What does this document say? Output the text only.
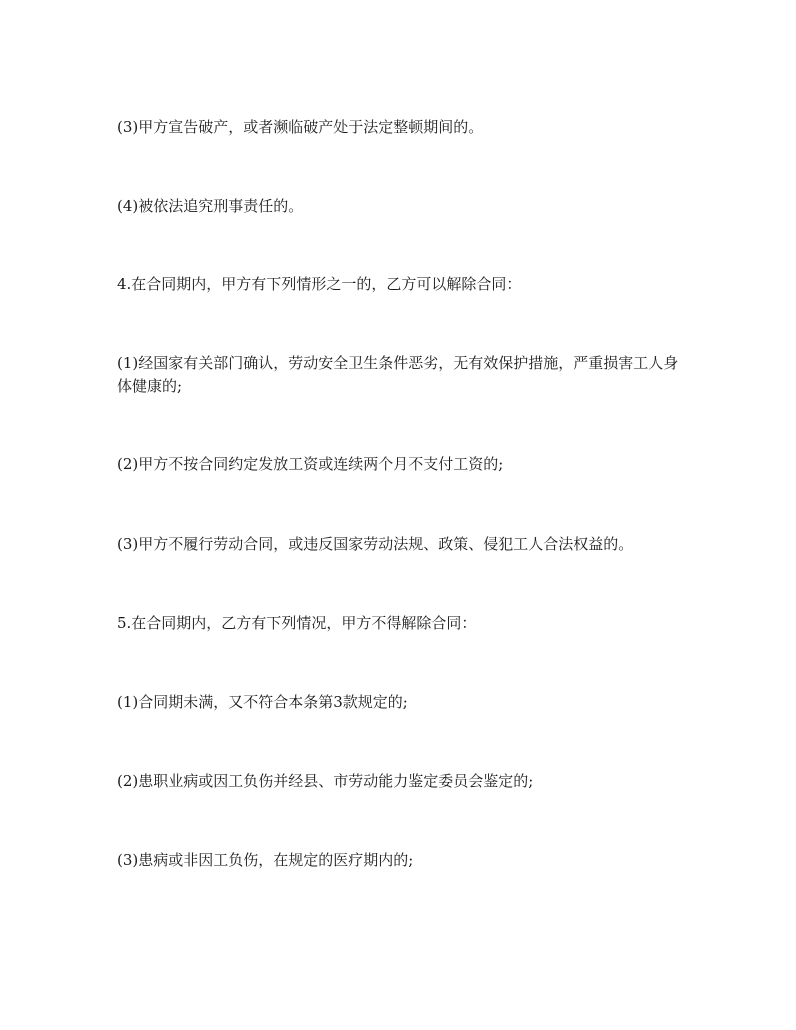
(3)甲方宣告破产，或者濒临破产处于法定整顿期间的。

(4)被依法追究刑事责任的。

4.在合同期内，甲方有下列情形之一的，乙方可以解除合同：

(1)经国家有关部门确认，劳动安全卫生条件恶劣，无有效保护措施，严重损害工人身体健康的;

(2)甲方不按合同约定发放工资或连续两个月不支付工资的;

(3)甲方不履行劳动合同，或违反国家劳动法规、政策、侵犯工人合法权益的。

5.在合同期内，乙方有下列情况，甲方不得解除合同：

(1)合同期未满，又不符合本条第3款规定的;

(2)患职业病或因工负伤并经县、市劳动能力鉴定委员会鉴定的;

(3)患病或非因工负伤，在规定的医疗期内的;
